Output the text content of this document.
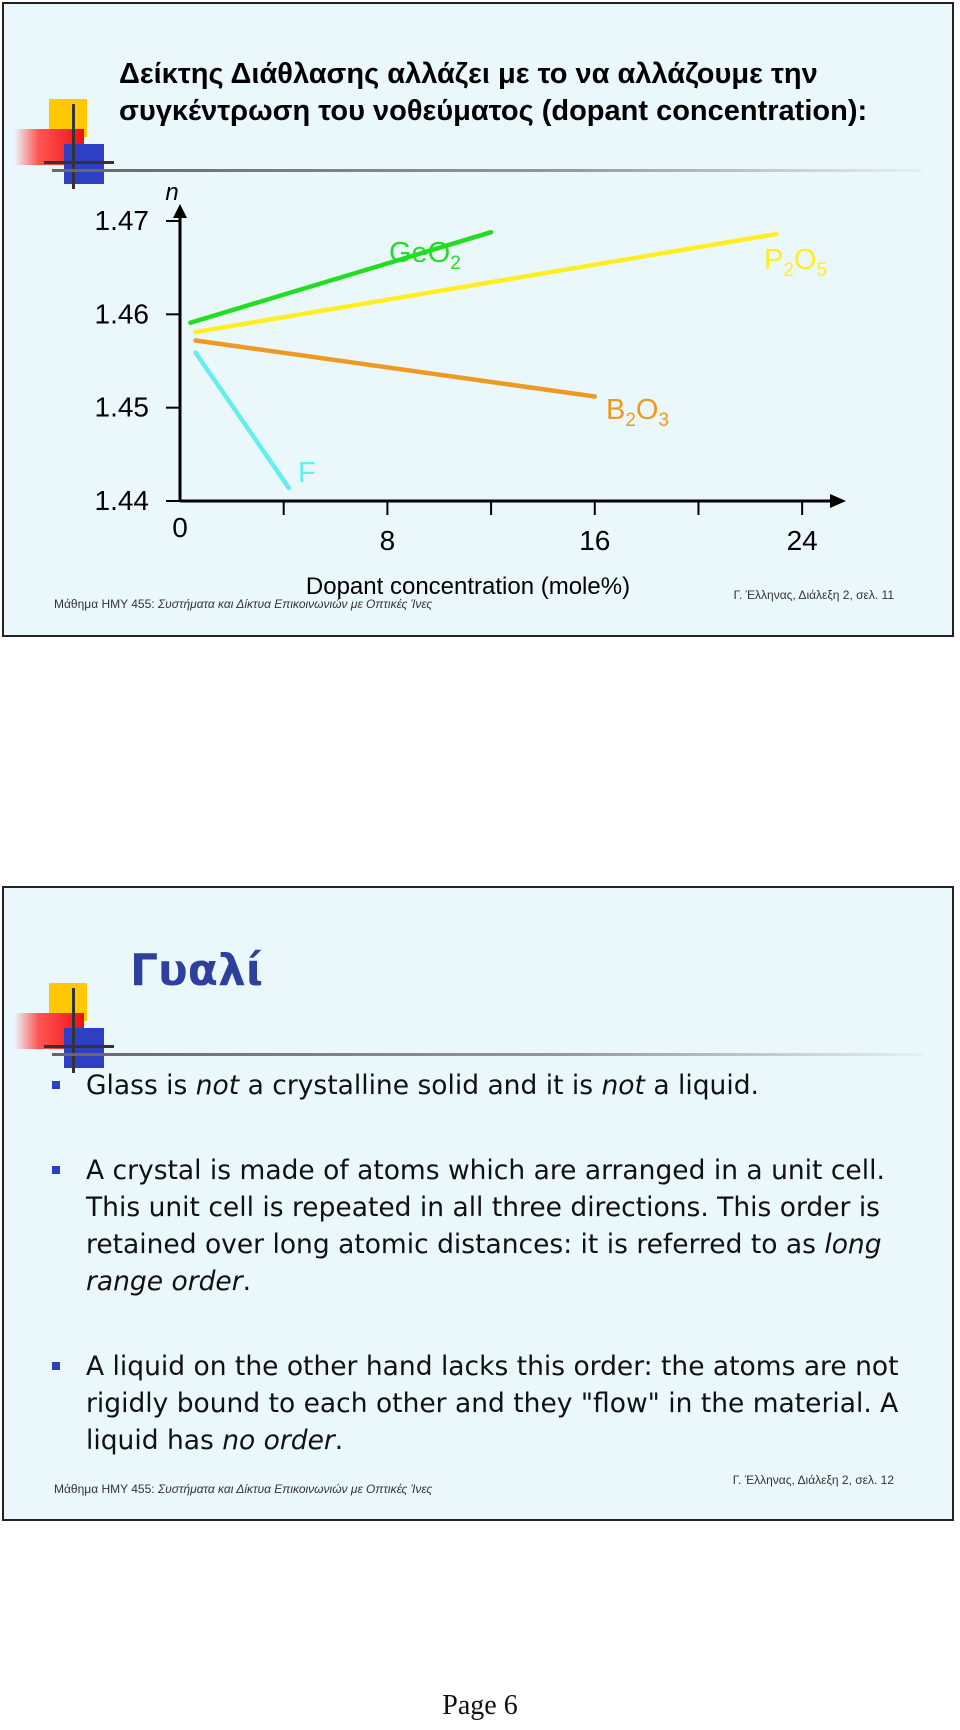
Δείκτης Διάθλασης αλλάζει με το να αλλάζουμε την
συγκέντρωση του νοθεύματος (dopant concentration):
n
1.44
1.45
1.46
1.47
0	8	16	24
Dopant concentration (mole%)
GeO$_2$	$P_2O_5$
$B_2O_3$
F
Μάθημα ΗΜΥ 455: Συστήματα και Δίκτυα Επικοινωνιών με Οπτικές Ίνες
Γ. Έλληνας, Διάλεξη 2, σελ. 11
Μάθημα ΗΜΥ 455: Συστήματα και Δίκτυα Επικοινωνιών με Οπτικές Ίνες
Γ. Έλληνας, Διάλεξη 2, σελ. 12
Γυαλί
Glass is not a crystalline solid and it is not a liquid.
A crystal is made of atoms which are arranged in a unit cell. This unit cell is repeated in all three directions. This order is retained over long atomic distances: it is referred to as long range order.
A liquid on the other hand lacks this order: the atoms are not rigidly bound to each other and they "flow" in the material. A liquid has no order.
Page 6
